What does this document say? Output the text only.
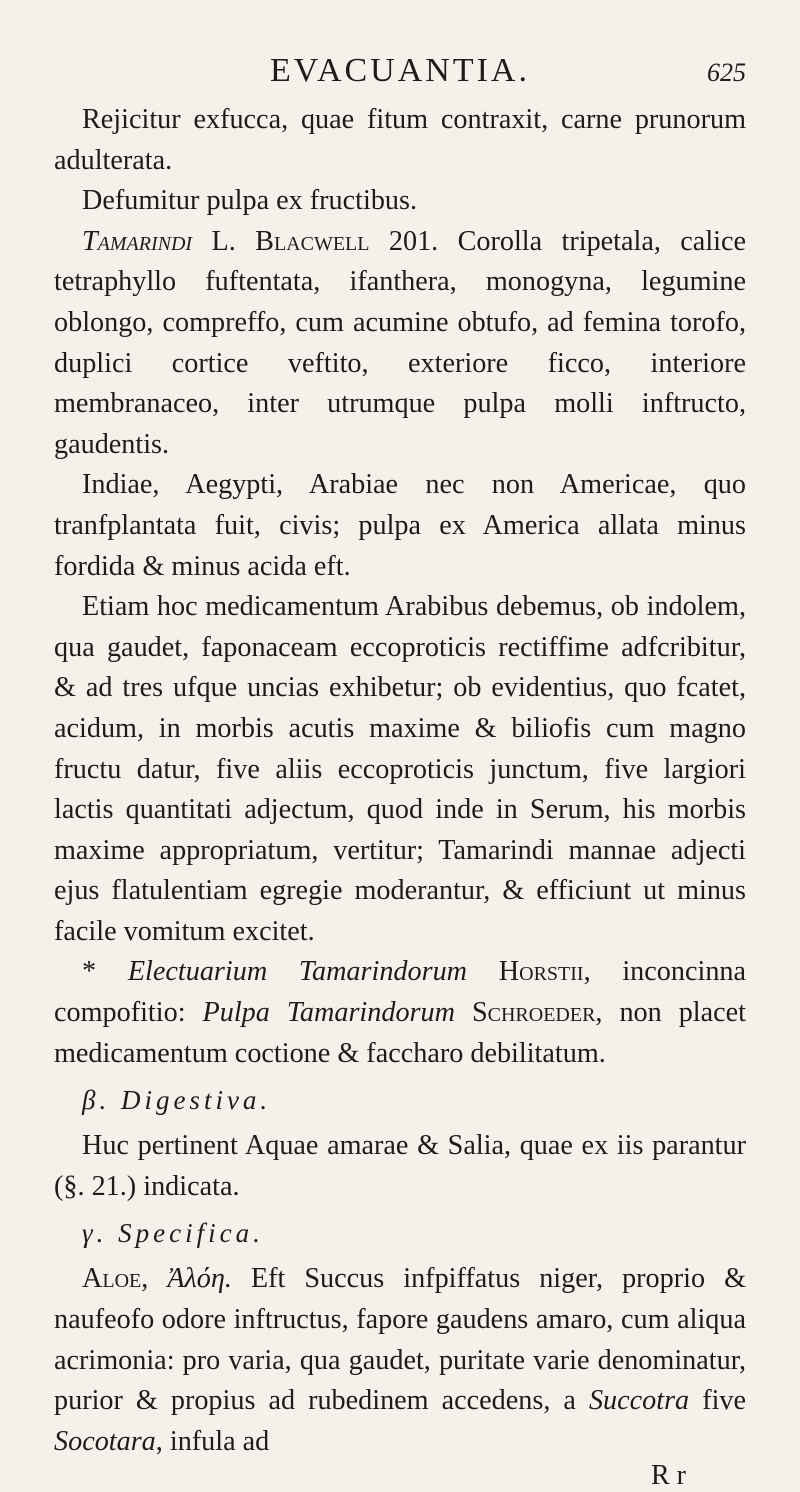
EVACUANTIA.	625

Rejicitur exfucca, quae fitum contraxit, carne prunorum adulterata.

Defumitur pulpa ex fructibus.

Tamarindi L. Blacwell 201. Corolla tripetala, calice tetraphyllo fuftentata, ifanthera, monogyna, legumine oblongo, compreffo, cum acumine obtufo, ad femina torofo, duplici cortice veftito, exteriore ficco, interiore membranaceo, inter utrumque pulpa molli inftructo, gaudentis.

Indiae, Aegypti, Arabiae nec non Americae, quo tranfplantata fuit, civis; pulpa ex America allata minus fordida & minus acida eft.

Etiam hoc medicamentum Arabibus debemus, ob indolem, qua gaudet, faponaceam eccoproticis rectiffime adfcribitur, & ad tres ufque uncias exhibetur; ob evidentius, quo fcatet, acidum, in morbis acutis maxime & biliofis cum magno fructu datur, five aliis eccoproticis junctum, five largiori lactis quantitati adjectum, quod inde in Serum, his morbis maxime appropriatum, vertitur; Tamarindi mannae adjecti ejus flatulentiam egregie moderantur, & efficiunt ut minus facile vomitum excitet.

* Electuarium Tamarindorum Horstii, inconcinna compofitio: Pulpa Tamarindorum Schroeder, non placet medicamentum coctione & faccharo debilitatum.

β. Digestiva.

Huc pertinent Aquae amarae & Salia, quae ex iis parantur (§. 21.) indicata.

γ. Specifica.

Aloe, Ἀλόη. Eft Succus infpiffatus niger, proprio & naufeofo odore inftructus, fapore gaudens amaro, cum aliqua acrimonia: pro varia, qua gaudet, puritate varie denominatur, purior & propius ad rubedinem accedens, a Succotra five Socotara, infula ad

R r
